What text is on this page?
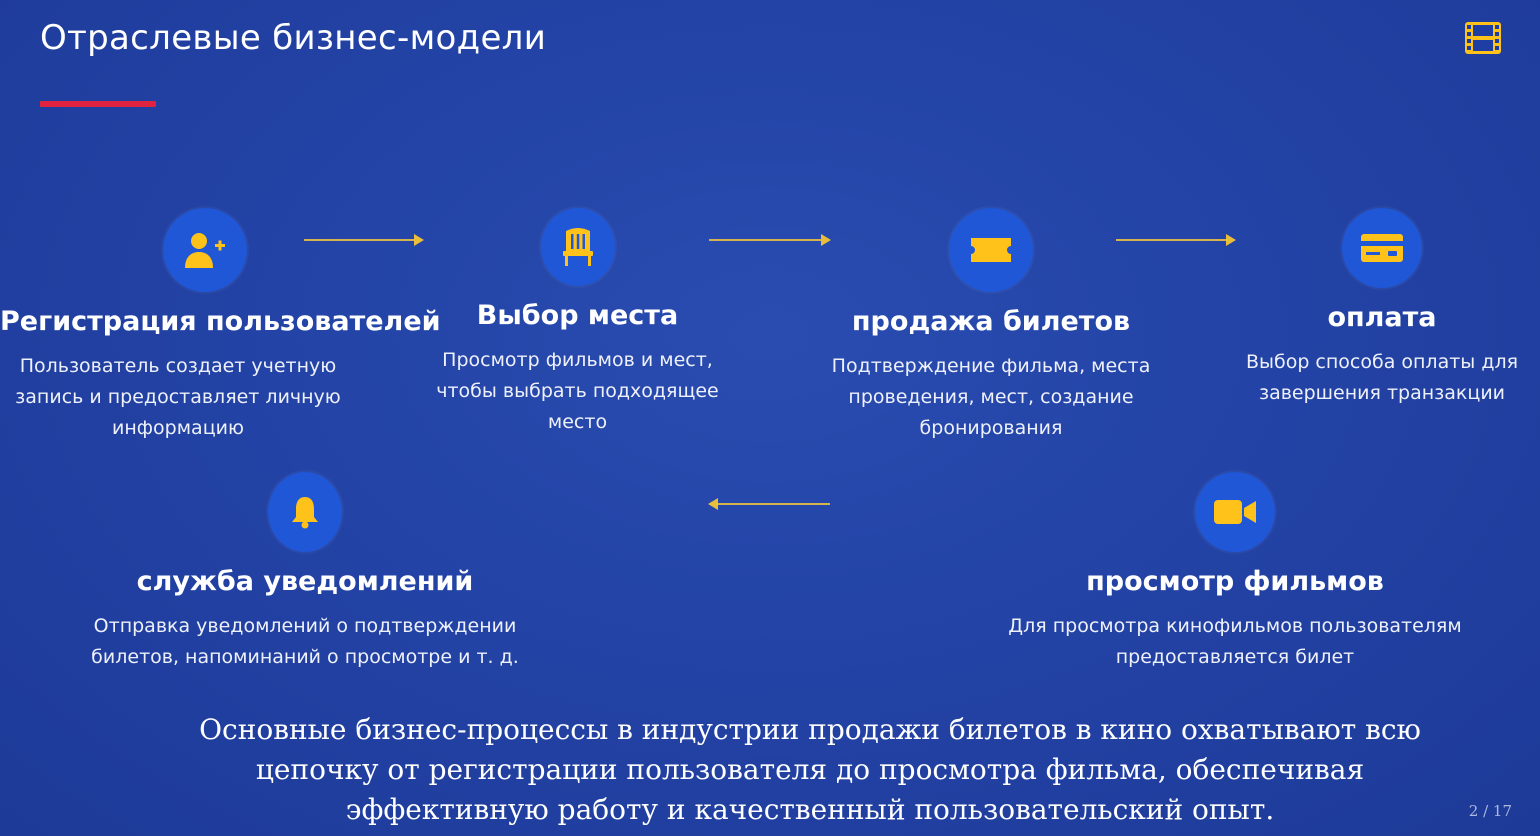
Отраслевые бизнес-модели
Регистрация пользователей
Пользователь создает учетную запись и предоставляет личную информацию
Выбор места
Просмотр фильмов и мест, чтобы выбрать подходящее место
продажа билетов
Подтверждение фильма, места проведения, мест, создание бронирования
оплата
Выбор способа оплаты для завершения транзакции
служба уведомлений
Отправка уведомлений о подтверждении билетов, напоминаний о просмотре и т. д.
просмотр фильмов
Для просмотра кинофильмов пользователям предоставляется билет
Основные бизнес-процессы в индустрии продажи билетов в кино охватывают всю цепочку от регистрации пользователя до просмотра фильма, обеспечивая эффективную работу и качественный пользовательский опыт.	2 / 17
